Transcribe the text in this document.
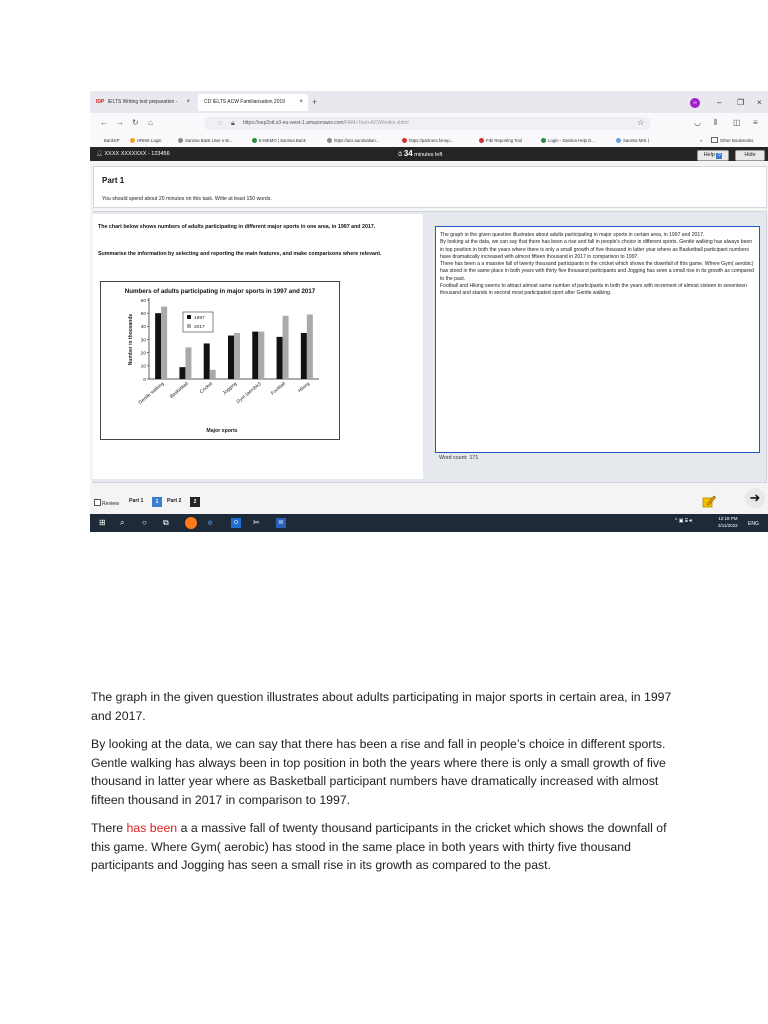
IDP IELTS Writing test preparation - ×	CD IELTS ACW Familiarisation 2019 × +	∞	– ❐ ×
← → ↻ ⌂	◌ 🔒︎ https://oep2stt.s3-eu-west-1.amazonaws.com/FAM+Test+ACW/index.xhtml	☆	◡ ⫴ ◫ ≡
BankXP	HRMS Login	Sanima Bank User e-B...	E-MEMO | Sanima Bank	https://acs.sanimaban...	https://partners.fonep...	FIbi Reporting Tool	Login - Sanima Help D...	Sanima MIS |	»	Other Bookmarks
👤︎ XXXX XXXXXXX - 123456	⏰︎ 34 minutes left	Help ?	Hide
Part 1
You should spend about 20 minutes on this task. Write at least 150 words.
The chart below shows numbers of adults participating in different major sports in one area, in 1997 and 2017.
Summarise the information by selecting and reporting the main features, and make comparisons where relevant.
Numbers of adults participating in major sports in 1997 and 2017
0
10
20
30
40
50
60
Number in thousands
Gentle walking Basketball Cricket Jogging
Gym (aerobic) Football Hiking
Major sports
1997
2017

The graph in the given question illustrates about adults participating in major sports in certain area, in 1997 and 2017.

By looking at the data, we can say that there has been a rise and fall in people's choice in different sports. Gentle walking has always been in top position in both the years where there is only a small growth of five thousand in latter year where as Basketball participant numbers have dramatically increased with almost fifteen thousand in 2017 in comparison to 1997.

There has been a a massive fall of twenty thousand participants in the cricket which shows the downfall of this game. Where Gym( aerobic) has stood in the same place in both years with thirty five thousand participants and Jogging has seen a small rise in its growth as compared to the past.

Football and Hiking seems to attract almost same number of participants in both the years with increment of almost sixteen to seventeen thousand and stands in second most participated sport after Gentle walking.

Word count: 171
Review Part 1	1	Part 2	2	➜
⊞ ⌕ ○ ⧉	e	O	✂︎	W	^ ▣ ⌸ 🔊︎	12:18 PM
3/11/2022 ENG

The graph in the given question illustrates about adults participating in major sports in certain area, in 1997 and 2017.

By looking at the data, we can say that there has been a rise and fall in people’s choice in different sports. Gentle walking has always been in top position in both the years where there is only a small growth of five thousand in latter year where as Basketball participant numbers have dramatically increased with almost fifteen thousand in 2017 in comparison to 1997.

There has been a a massive fall of twenty thousand participants in the cricket which shows the downfall of this game. Where Gym( aerobic) has stood in the same place in both years with thirty five thousand participants and Jogging has seen a small rise in its growth as compared to the past.
